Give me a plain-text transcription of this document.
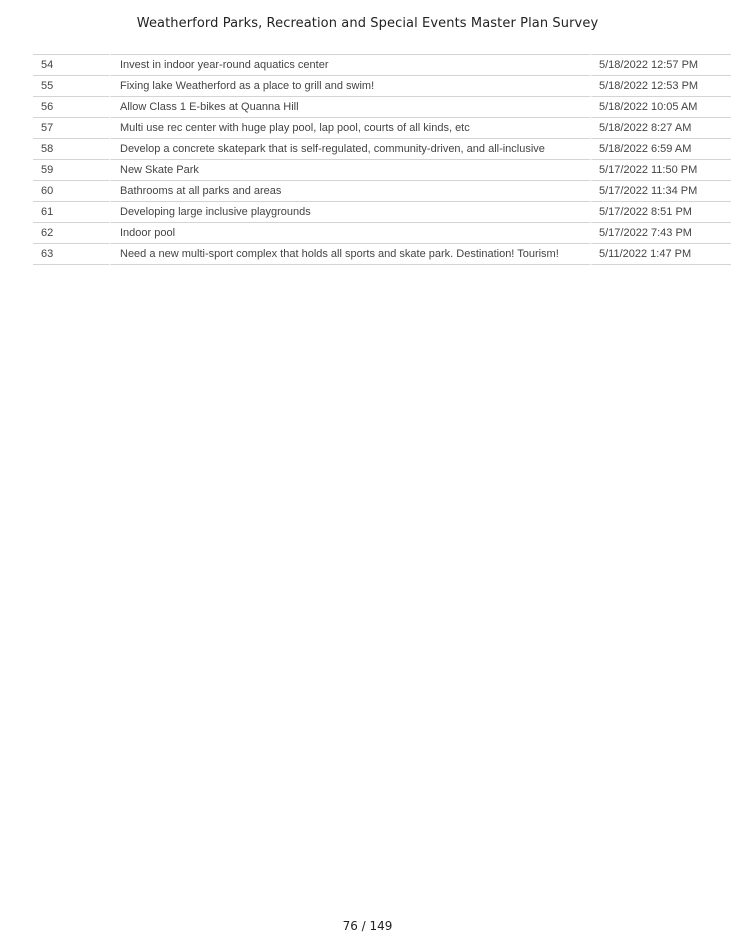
Weatherford Parks, Recreation and Special Events Master Plan Survey
54	Invest in indoor year-round aquatics center	5/18/2022 12:57 PM
55	Fixing lake Weatherford as a place to grill and swim!	5/18/2022 12:53 PM
56	Allow Class 1 E-bikes at Quanna Hill	5/18/2022 10:05 AM
57	Multi use rec center with huge play pool, lap pool, courts of all kinds, etc	5/18/2022 8:27 AM
58	Develop a concrete skatepark that is self-regulated, community-driven, and all-inclusive	5/18/2022 6:59 AM
59	New Skate Park	5/17/2022 11:50 PM
60	Bathrooms at all parks and areas	5/17/2022 11:34 PM
61	Developing large inclusive playgrounds	5/17/2022 8:51 PM
62	Indoor pool	5/17/2022 7:43 PM
63	Need a new multi-sport complex that holds all sports and skate park. Destination! Tourism!	5/11/2022 1:47 PM
76 / 149
